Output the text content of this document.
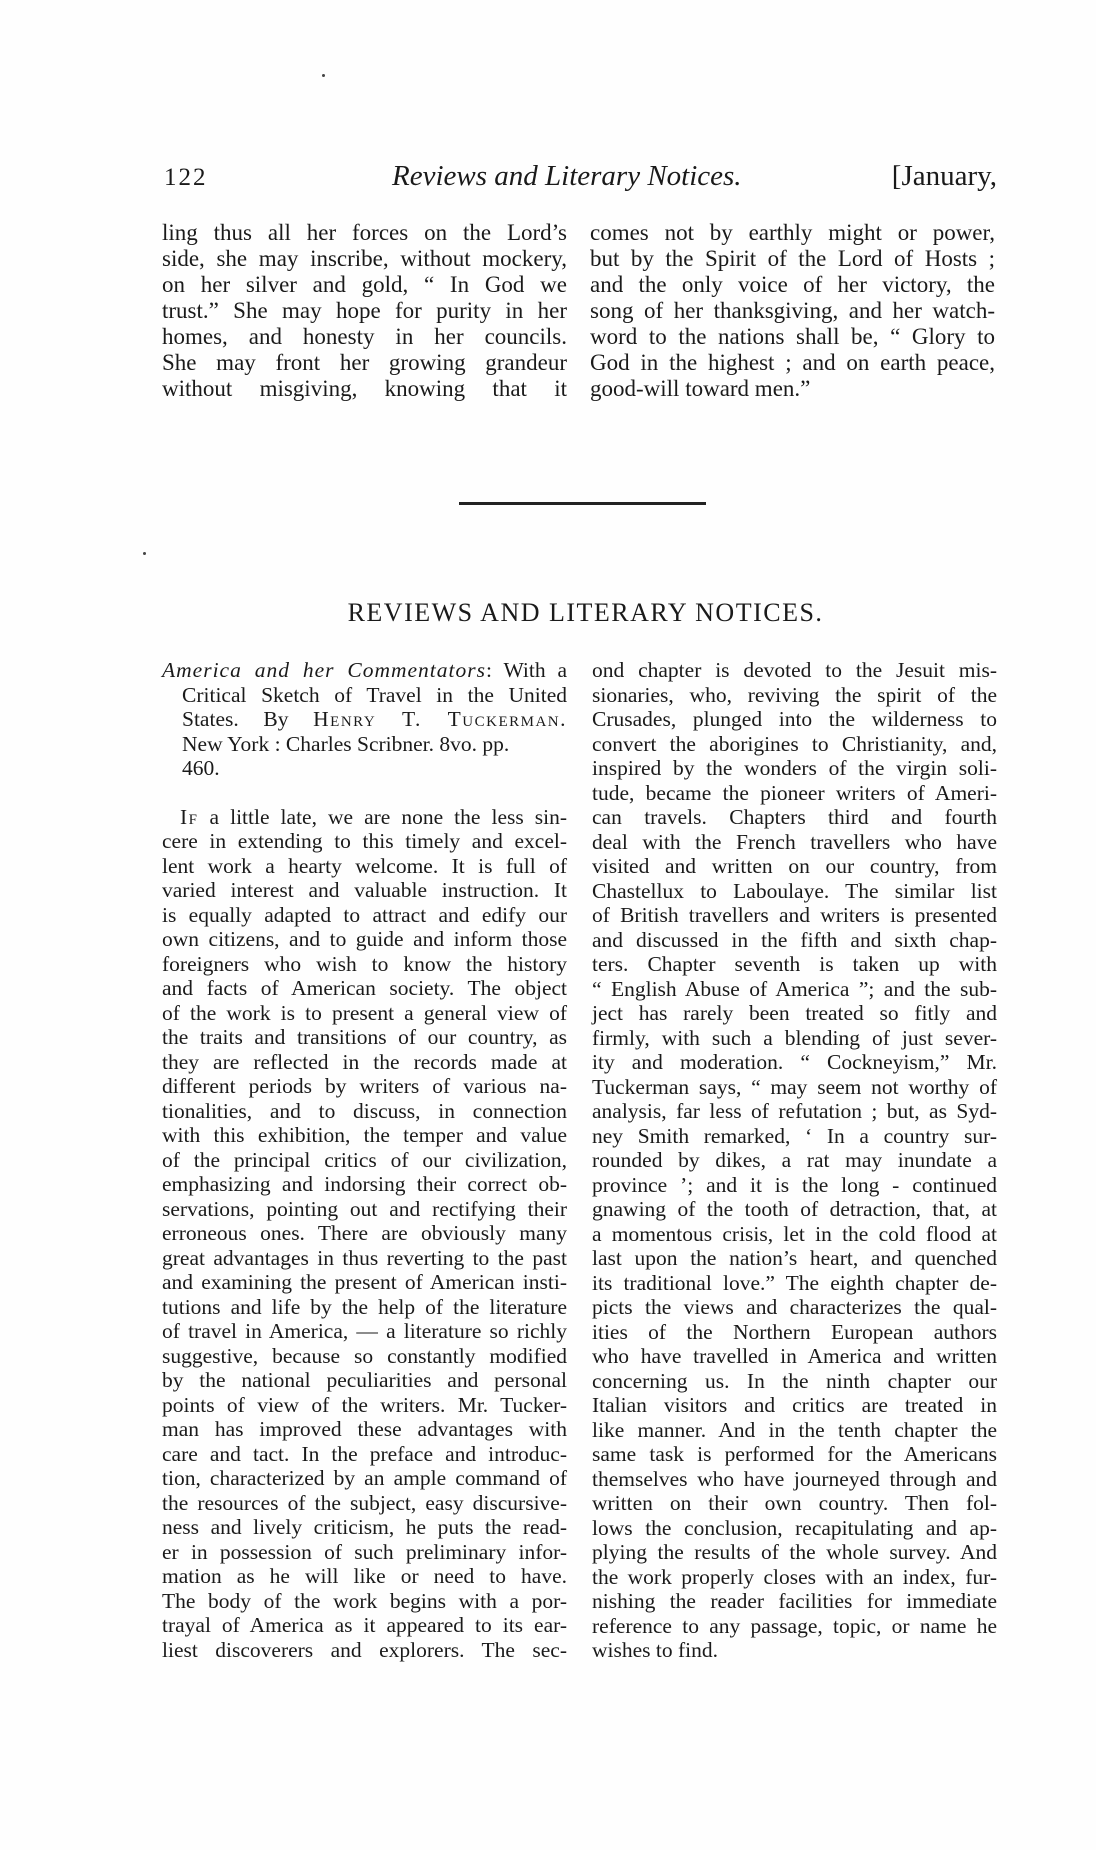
122	Reviews and Literary Notices.	[January,
ling thus all her forces on the Lord’s
side, she may inscribe, without mockery,
on her silver and gold, “ In God we
trust.” She may hope for purity in her
homes, and honesty in her councils.
She may front her growing grandeur
without misgiving, knowing that it
comes not by earthly might or power,
but by the Spirit of the Lord of Hosts ;
and the only voice of her victory, the
song of her thanksgiving, and her watch-
word to the nations shall be, “ Glory to
God in the highest ; and on earth peace,
good-will toward men.”
REVIEWS AND LITERARY NOTICES.
America and her Commentators: With a
Critical Sketch of Travel in the United
States. By Henry T. Tuckerman.
New York : Charles Scribner. 8vo. pp.
460.
If a little late, we are none the less sin-
cere in extending to this timely and excel-
lent work a hearty welcome. It is full of
varied interest and valuable instruction. It
is equally adapted to attract and edify our
own citizens, and to guide and inform those
foreigners who wish to know the history
and facts of American society. The object
of the work is to present a general view of
the traits and transitions of our country, as
they are reflected in the records made at
different periods by writers of various na-
tionalities, and to discuss, in connection
with this exhibition, the temper and value
of the principal critics of our civilization,
emphasizing and indorsing their correct ob-
servations, pointing out and rectifying their
erroneous ones. There are obviously many
great advantages in thus reverting to the past
and examining the present of American insti-
tutions and life by the help of the literature
of travel in America, — a literature so richly
suggestive, because so constantly modified
by the national peculiarities and personal
points of view of the writers. Mr. Tucker-
man has improved these advantages with
care and tact. In the preface and introduc-
tion, characterized by an ample command of
the resources of the subject, easy discursive-
ness and lively criticism, he puts the read-
er in possession of such preliminary infor-
mation as he will like or need to have.
The body of the work begins with a por-
trayal of America as it appeared to its ear-
liest discoverers and explorers. The sec-
ond chapter is devoted to the Jesuit mis-
sionaries, who, reviving the spirit of the
Crusades, plunged into the wilderness to
convert the aborigines to Christianity, and,
inspired by the wonders of the virgin soli-
tude, became the pioneer writers of Ameri-
can travels. Chapters third and fourth
deal with the French travellers who have
visited and written on our country, from
Chastellux to Laboulaye. The similar list
of British travellers and writers is presented
and discussed in the fifth and sixth chap-
ters. Chapter seventh is taken up with
“ English Abuse of America ”; and the sub-
ject has rarely been treated so fitly and
firmly, with such a blending of just sever-
ity and moderation. “ Cockneyism,” Mr.
Tuckerman says, “ may seem not worthy of
analysis, far less of refutation ; but, as Syd-
ney Smith remarked, ‘ In a country sur-
rounded by dikes, a rat may inundate a
province ’; and it is the long - continued
gnawing of the tooth of detraction, that, at
a momentous crisis, let in the cold flood at
last upon the nation’s heart, and quenched
its traditional love.” The eighth chapter de-
picts the views and characterizes the qual-
ities of the Northern European authors
who have travelled in America and written
concerning us. In the ninth chapter our
Italian visitors and critics are treated in
like manner. And in the tenth chapter the
same task is performed for the Americans
themselves who have journeyed through and
written on their own country. Then fol-
lows the conclusion, recapitulating and ap-
plying the results of the whole survey. And
the work properly closes with an index, fur-
nishing the reader facilities for immediate
reference to any passage, topic, or name he
wishes to find.
